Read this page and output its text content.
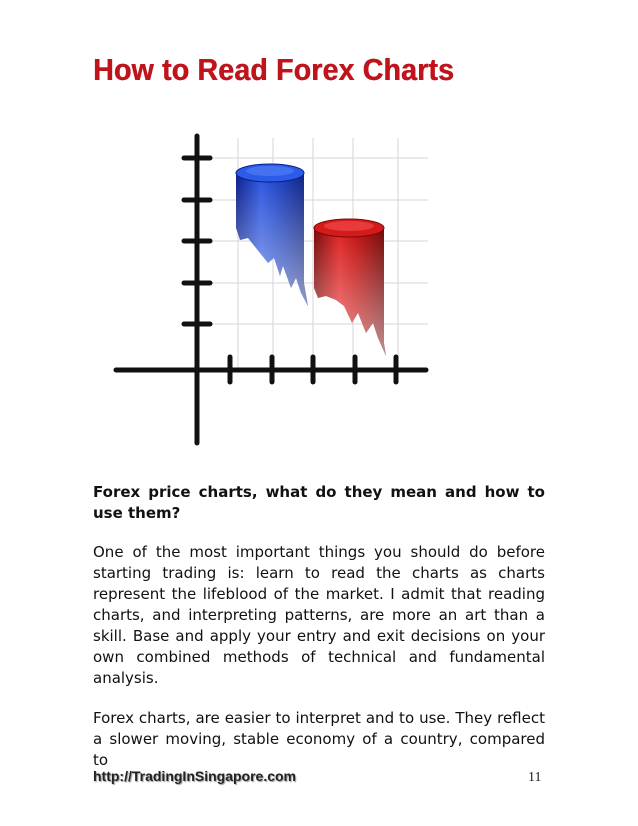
How to Read Forex Charts

Forex price charts, what do they mean and how to use them?

One of the most important things you should do before starting trading is: learn to read the charts as charts represent the lifeblood of the market. I admit that reading charts, and interpreting patterns, are more an art than a skill. Base and apply your entry and exit decisions on your own combined methods of technical and fundamental analysis.

Forex charts, are easier to interpret and to use. They reflect a slower moving, stable economy of a country, compared to

http://TradingInSingapore.com	11
